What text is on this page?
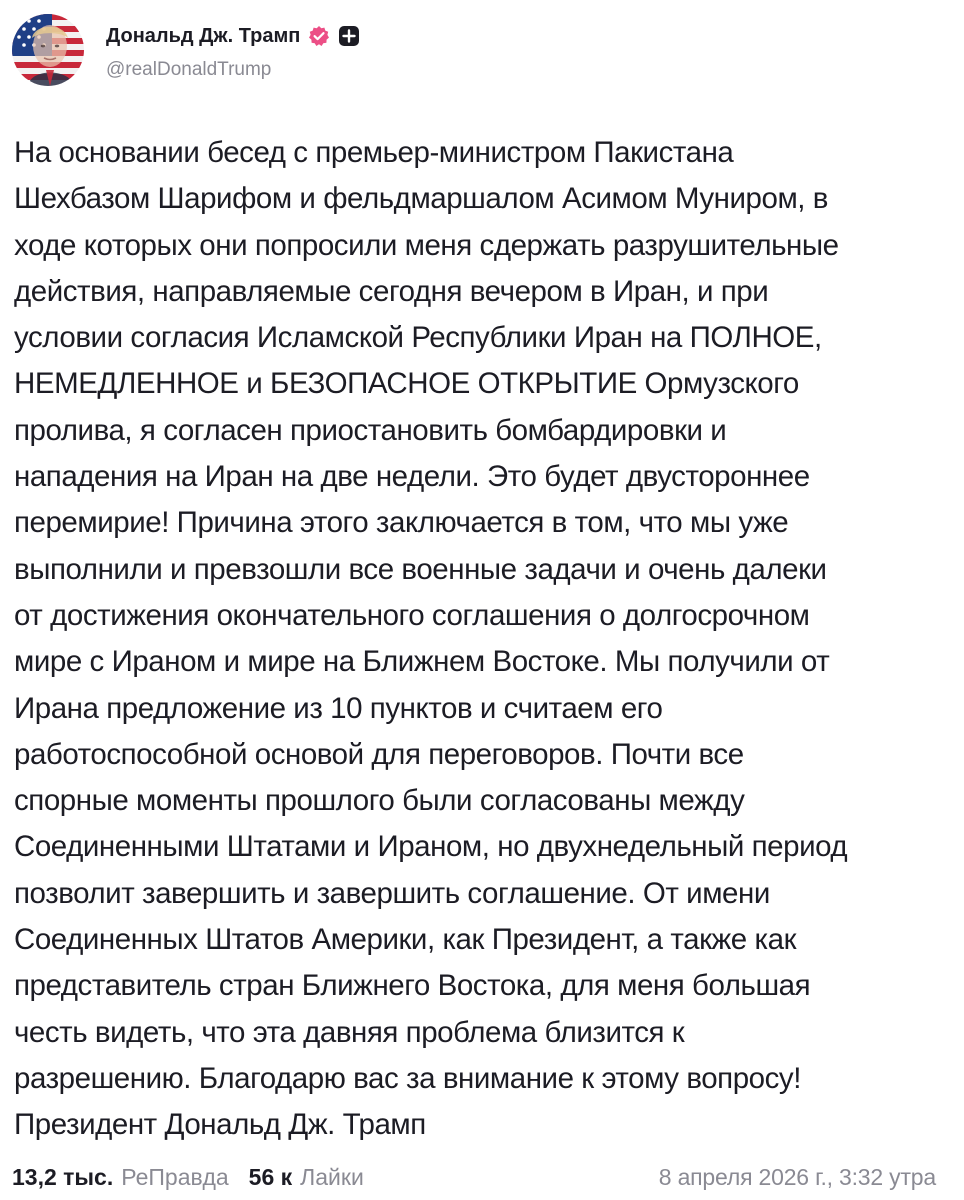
Дональд Дж. Трамп
@realDonaldTrump
На основании бесед с премьер-министром Пакистана
Шехбазом Шарифом и фельдмаршалом Асимом Муниром, в
ходе которых они попросили меня сдержать разрушительные
действия, направляемые сегодня вечером в Иран, и при
условии согласия Исламской Республики Иран на ПОЛНОЕ,
НЕМЕДЛЕННОЕ и БЕЗОПАСНОЕ ОТКРЫТИЕ Ормузского
пролива, я согласен приостановить бомбардировки и
нападения на Иран на две недели. Это будет двустороннее
перемирие! Причина этого заключается в том, что мы уже
выполнили и превзошли все военные задачи и очень далеки
от достижения окончательного соглашения о долгосрочном
мире с Ираном и мире на Ближнем Востоке. Мы получили от
Ирана предложение из 10 пунктов и считаем его
работоспособной основой для переговоров. Почти все
спорные моменты прошлого были согласованы между
Соединенными Штатами и Ираном, но двухнедельный период
позволит завершить и завершить соглашение. От имени
Соединенных Штатов Америки, как Президент, а также как
представитель стран Ближнего Востока, для меня большая
честь видеть, что эта давняя проблема близится к
разрешению. Благодарю вас за внимание к этому вопросу!
Президент Дональд Дж. Трамп
13,2 тыс. РеПравда 56 к Лайки	8 апреля 2026 г., 3:32 утра
